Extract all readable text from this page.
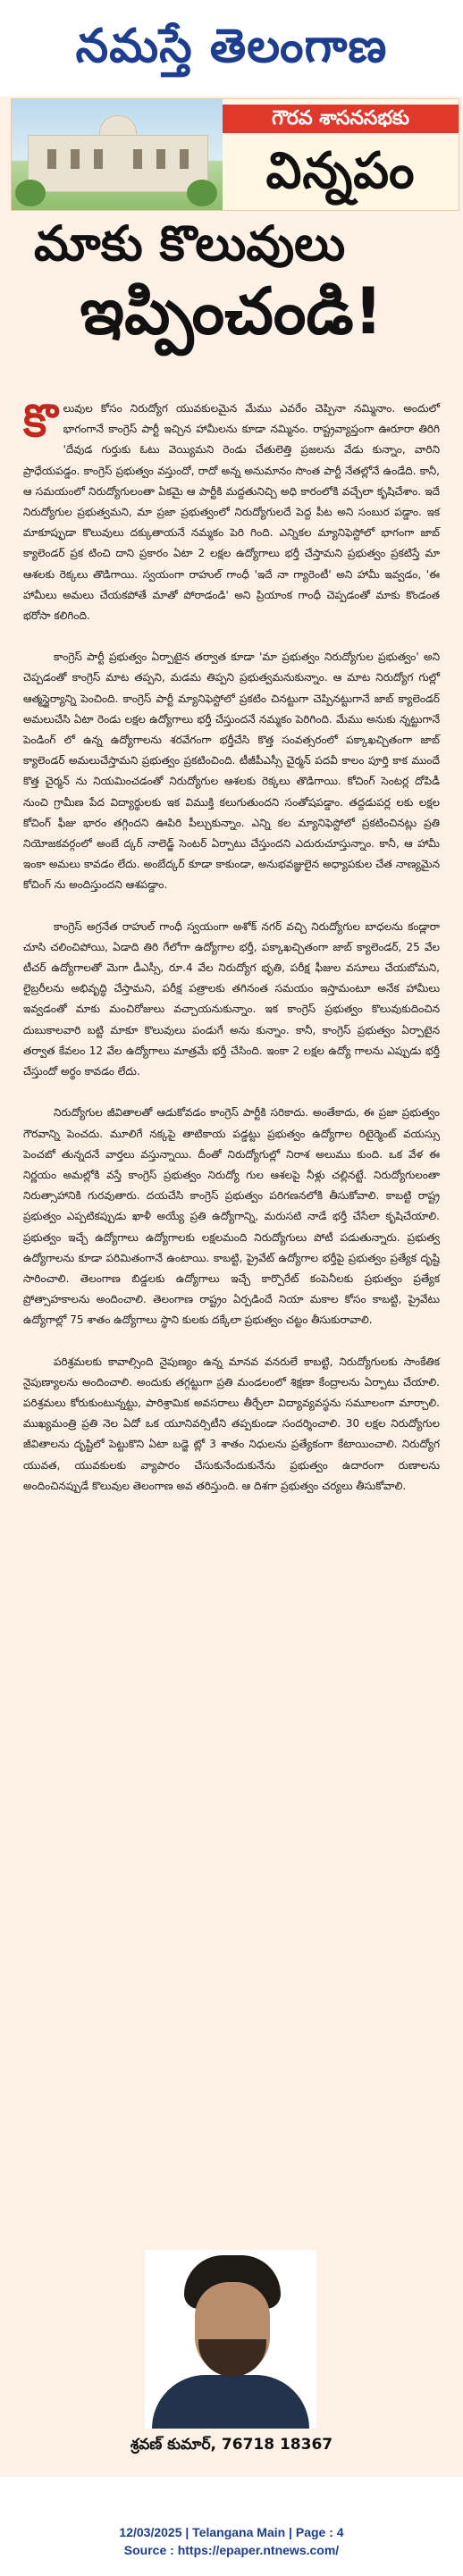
నమస్తే తెలంగాణ
గౌరవ శాసనసభకు
విన్నపం
మాకు కొలువులు
ఇప్పించండి!

కొలువుల కోసం నిరుద్యోగ యువకులమైన మేము ఎవరేం చెప్పినా నమ్మినాం. అందులో భాగంగానే కాంగ్రెస్ పార్టీ ఇచ్చిన హామీలను కూడా నమ్మినం. రాష్ట్రవ్యాప్తంగా ఊరూరా తిరిగి 'దేవుడ గుర్తుకు ఓటు వెయ్యిమని రెండు చేతులెత్తి ప్రజలను వేడు కున్నాం, వారిని ప్రాధేయపడ్డం. కాంగ్రెస్ ప్రభుత్వం వస్తుందో, రాదో అన్న అనుమానం సొంత పార్టీ నేతల్లోనే ఉండేది. కానీ, ఆ సమయంలో నిరుద్యోగులంతా ఏకమై ఆ పార్టీకి మద్దతునిచ్చి అధి కారంలోకి వచ్చేలా కృషిచేశాం. ఇదే నిరుద్యోగుల ప్రభుత్వమని, మా ప్రజా ప్రభుత్వంలో నిరుద్యోగులదే పెద్ద పీట అని సంబుర పడ్డాం. ఇక మాకూప్ఫుడా కొలువులు దక్కుతాయనే నమ్మకం పెరి గింది. ఎన్నికల మ్యానిఫెస్టోలో భాగంగా జాబ్ క్యాలెండర్ ప్రక టించి దాని ప్రకారం ఏటా 2 లక్షల ఉద్యోగాలు భర్తీ చేస్తామని ప్రభుత్వం ప్రకటిస్తే మా ఆశలకు రెక్కలు తొడిగాయి. స్వయంగా రాహుల్ గాంధీ 'ఇదే నా గ్యారెంటీ' అని హామీ ఇవ్వడం, 'ఈ హామీలు అమలు చేయకపోతే మాతో పోరాడండి' అని ప్రియాంక గాంధీ చెప్పడంతో మాకు కొండంత భరోసా కలిగింది.

కాంగ్రెస్ పార్టీ ప్రభుత్వం ఏర్పాటైన తర్వాత కూడా 'మా ప్రభుత్వం నిరుద్యోగుల ప్రభుత్వం' అని చెప్పడంతో కాంగ్రెస్ మాట తప్పని, మడమ తిప్పని ప్రభుత్వమనుకున్నాం. ఆ మాట నిరుద్యోగ గుల్లో ఆత్మస్థైర్యాన్ని పెంచింది. కాంగ్రెస్ పార్టీ మ్యానిఫెస్టోలో ప్రకటిం చినట్టుగా చెప్పినట్టుగానే జాబ్ క్యాలెండర్ అమలుచేసి ఏటా రెండు లక్షల ఉద్యోగాలు భర్తీ చేస్తుందనే నమ్మకం పెరిగింది. మేము అనుకు న్నట్టుగానే పెండింగ్ లో ఉన్న ఉద్యోగాలను శరవేగంగా భర్తీచేసి కొత్త సంవత్సరంలో పక్కాఖచ్చితంగా జాబ్ క్యాలెండర్ అమలుచేస్తామని ప్రభుత్వం ప్రకటించింది. టీజీపీఎస్సీ చైర్మన్ పదవీ కాలం పూర్తి కాక ముందే కొత్త చైర్మన్ ను నియమించడంతో నిరుద్యోగుల ఆశలకు రెక్కలు తొడిగాయి. కోచింగ్ సెంటర్ల దోపిడీ నుంచి గ్రామీణ పేద విద్యార్థులకు ఇక విముక్తి కలుగుతుందని సంతోషపడ్డాం. తద్దడుపర్ల లకు లక్షల కోచింగ్ ఫీజు భారం తగ్గిందని ఊపిరి పీల్చుకున్నాం. ఎన్ని కల మ్యానిఫెస్టోలో ప్రకటించినట్లు ప్రతి నియోజకవర్గంలో అంబే ద్కర్ నాలెడ్జ్ సెంటర్ ఏర్పాటు చేస్తుందని ఎదురుచూస్తున్నాం. కానీ, ఆ హామీ ఇంకా అమలు కావడం లేదు. అంబేద్కర్ కూడా కాకుండా, అనుభవజ్ఞులైన అధ్యాపకుల చేత నాణ్యమైన కోచింగ్ ను అందిస్తుందని ఆశపడ్డాం.

కాంగ్రెస్ అగ్రనేత రాహుల్ గాంధీ స్వయంగా అశోక్ నగర్ వచ్చి నిరుద్యోగుల బాధలను కండ్లారా చూసి చలించిపోయి, ఏడాది తిరి గేలోగా ఉద్యోగాల భర్తీ, పక్కాఖచ్చితంగా జాబ్ క్యాలెండర్, 25 వేల టీచర్ ఉద్యోగాలతో మెగా డీఎస్సీ, రూ.4 వేల నిరుద్యోగ భృతి, పరీక్ష ఫీజుల వసూలు చేయబోమని, లైబ్రరీలను అభివృద్ధి చేస్తామని, పరీక్ష పత్రాలకు తగినంత సమయం ఇస్తామంటూ అనేక హామీలు ఇవ్వడంతో మాకు మంచిరోజులు వచ్చాయనుకున్నాం. ఇక కాంగ్రెస్ ప్రభుత్వం కొలువుకుదించిన దుబుకాలవారి బట్టి మాకూ కొలువులు పండుగే అను కున్నాం. కానీ, కాంగ్రెస్ ప్రభుత్వం ఏర్పాటైన తర్వాత కేవలం 12 వేల ఉద్యోగాలు మాత్రమే భర్తీ చేసింది. ఇంకా 2 లక్షల ఉద్యో గాలను ఎప్పుడు భర్తీ చేస్తుందో అర్థం కావడం లేదు.

నిరుద్యోగుల జీవితాలతో ఆడుకోవడం కాంగ్రెస్ పార్టీకి సరికాదు. అంతేకాదు, ఈ ప్రజా ప్రభుత్వం గౌరవాన్ని పెంచదు. మూలిగే నక్కపై తాటికాయ పడ్డట్టు ప్రభుత్వం ఉద్యోగాల రిటైర్మెంట్ వయస్సు పెంచబో తున్నదనే వార్తలు వస్తున్నాయి. దీంతో నిరుద్యోగుల్లో నిరాశ అలుము కుంది. ఒక వేళ ఈ నిర్ణయం అమల్లోకి వస్తే కాంగ్రెస్ ప్రభుత్వం నిరుద్యో గుల ఆశలపై నీళ్లు చల్లినట్టే. నిరుద్యోగులంతా నిరుత్సాహానికి గురవుతారు. దయచేసి కాంగ్రెస్ ప్రభుత్వం పరిగణనలోకి తీసుకోవాలి. కాబట్టి రాష్ట్ర ప్రభుత్వం ఎప్పటికప్పుడు ఖాళీ అయ్యే ప్రతి ఉద్యోగాన్ని, మరుసటి నాడే భర్తీ చేసేలా కృషిచేయాలి. ప్రభుత్వం ఇచ్చే ఉద్యోగాలు ఉద్యోగాలకు లక్షలమంది నిరుద్యోగులు పోటీ పడుతున్నారు. ప్రభుత్వ ఉద్యోగాలను కూడా పరిమితంగానే ఉంటాయి. కాబట్టి, ప్రైవేట్ ఉద్యోగాల భర్తీపై ప్రభుత్వం ప్రత్యేక దృష్టి సారించాలి. తెలంగాణ బిడ్డలకు ఉద్యోగాలు ఇచ్చే కార్పొరేట్ కంపెనీలకు ప్రభుత్వం ప్రత్యేక ప్రోత్సాహకాలను అందించాలి. తెలంగాణ రాష్ట్రం ఏర్పడిందే నియా మకాల కోసం కాబట్టి, ప్రైవేటు ఉద్యోగాల్లో 75 శాతం ఉద్యోగాలు స్థాని కులకు దక్కేలా ప్రభుత్వం చట్టం తీసుకురావాలి.

పరిశ్రమలకు కావాల్సింది నైపుణ్యం ఉన్న మానవ వనరులే కాబట్టి, నిరుద్యోగులకు సాంకేతిక నైపుణ్యాలను అందించాలి. అందుకు తగ్గట్టుగా ప్రతి మండలంలో శిక్షణా కేంద్రాలను ఏర్పాటు చేయాలి. పరిశ్రమలు కోరుకుంటున్నట్టు, పారిశ్రామిక అవసరాలు తీర్చేలా విద్యావ్యవస్థను సమూలంగా మార్చాలి. ముఖ్యమంత్రి ప్రతి నెల ఏదో ఒక యూనివర్సిటీని తప్పకుండా సందర్శించాలి. 30 లక్షల నిరుద్యోగుల జీవితాలను దృష్టిలో పెట్టుకొని ఏటా బడ్జె ట్లో 3 శాతం నిధులను ప్రత్యేకంగా కేటాయించాలి. నిరుద్యోగ యువత, యువకులకు వ్యాపారం చేసుకునేందుకునేను ప్రభుత్వం ఉదారంగా రుణాలను అందించినప్పుడే కొలువుల తెలంగాణ అవ తరిస్తుంది. ఆ దిశగా ప్రభుత్వం చర్యలు తీసుకోవాలి.

శ్రవణ్ కుమార్, 76718 18367
12/03/2025 | Telangana Main | Page : 4
Source : https://epaper.ntnews.com/
